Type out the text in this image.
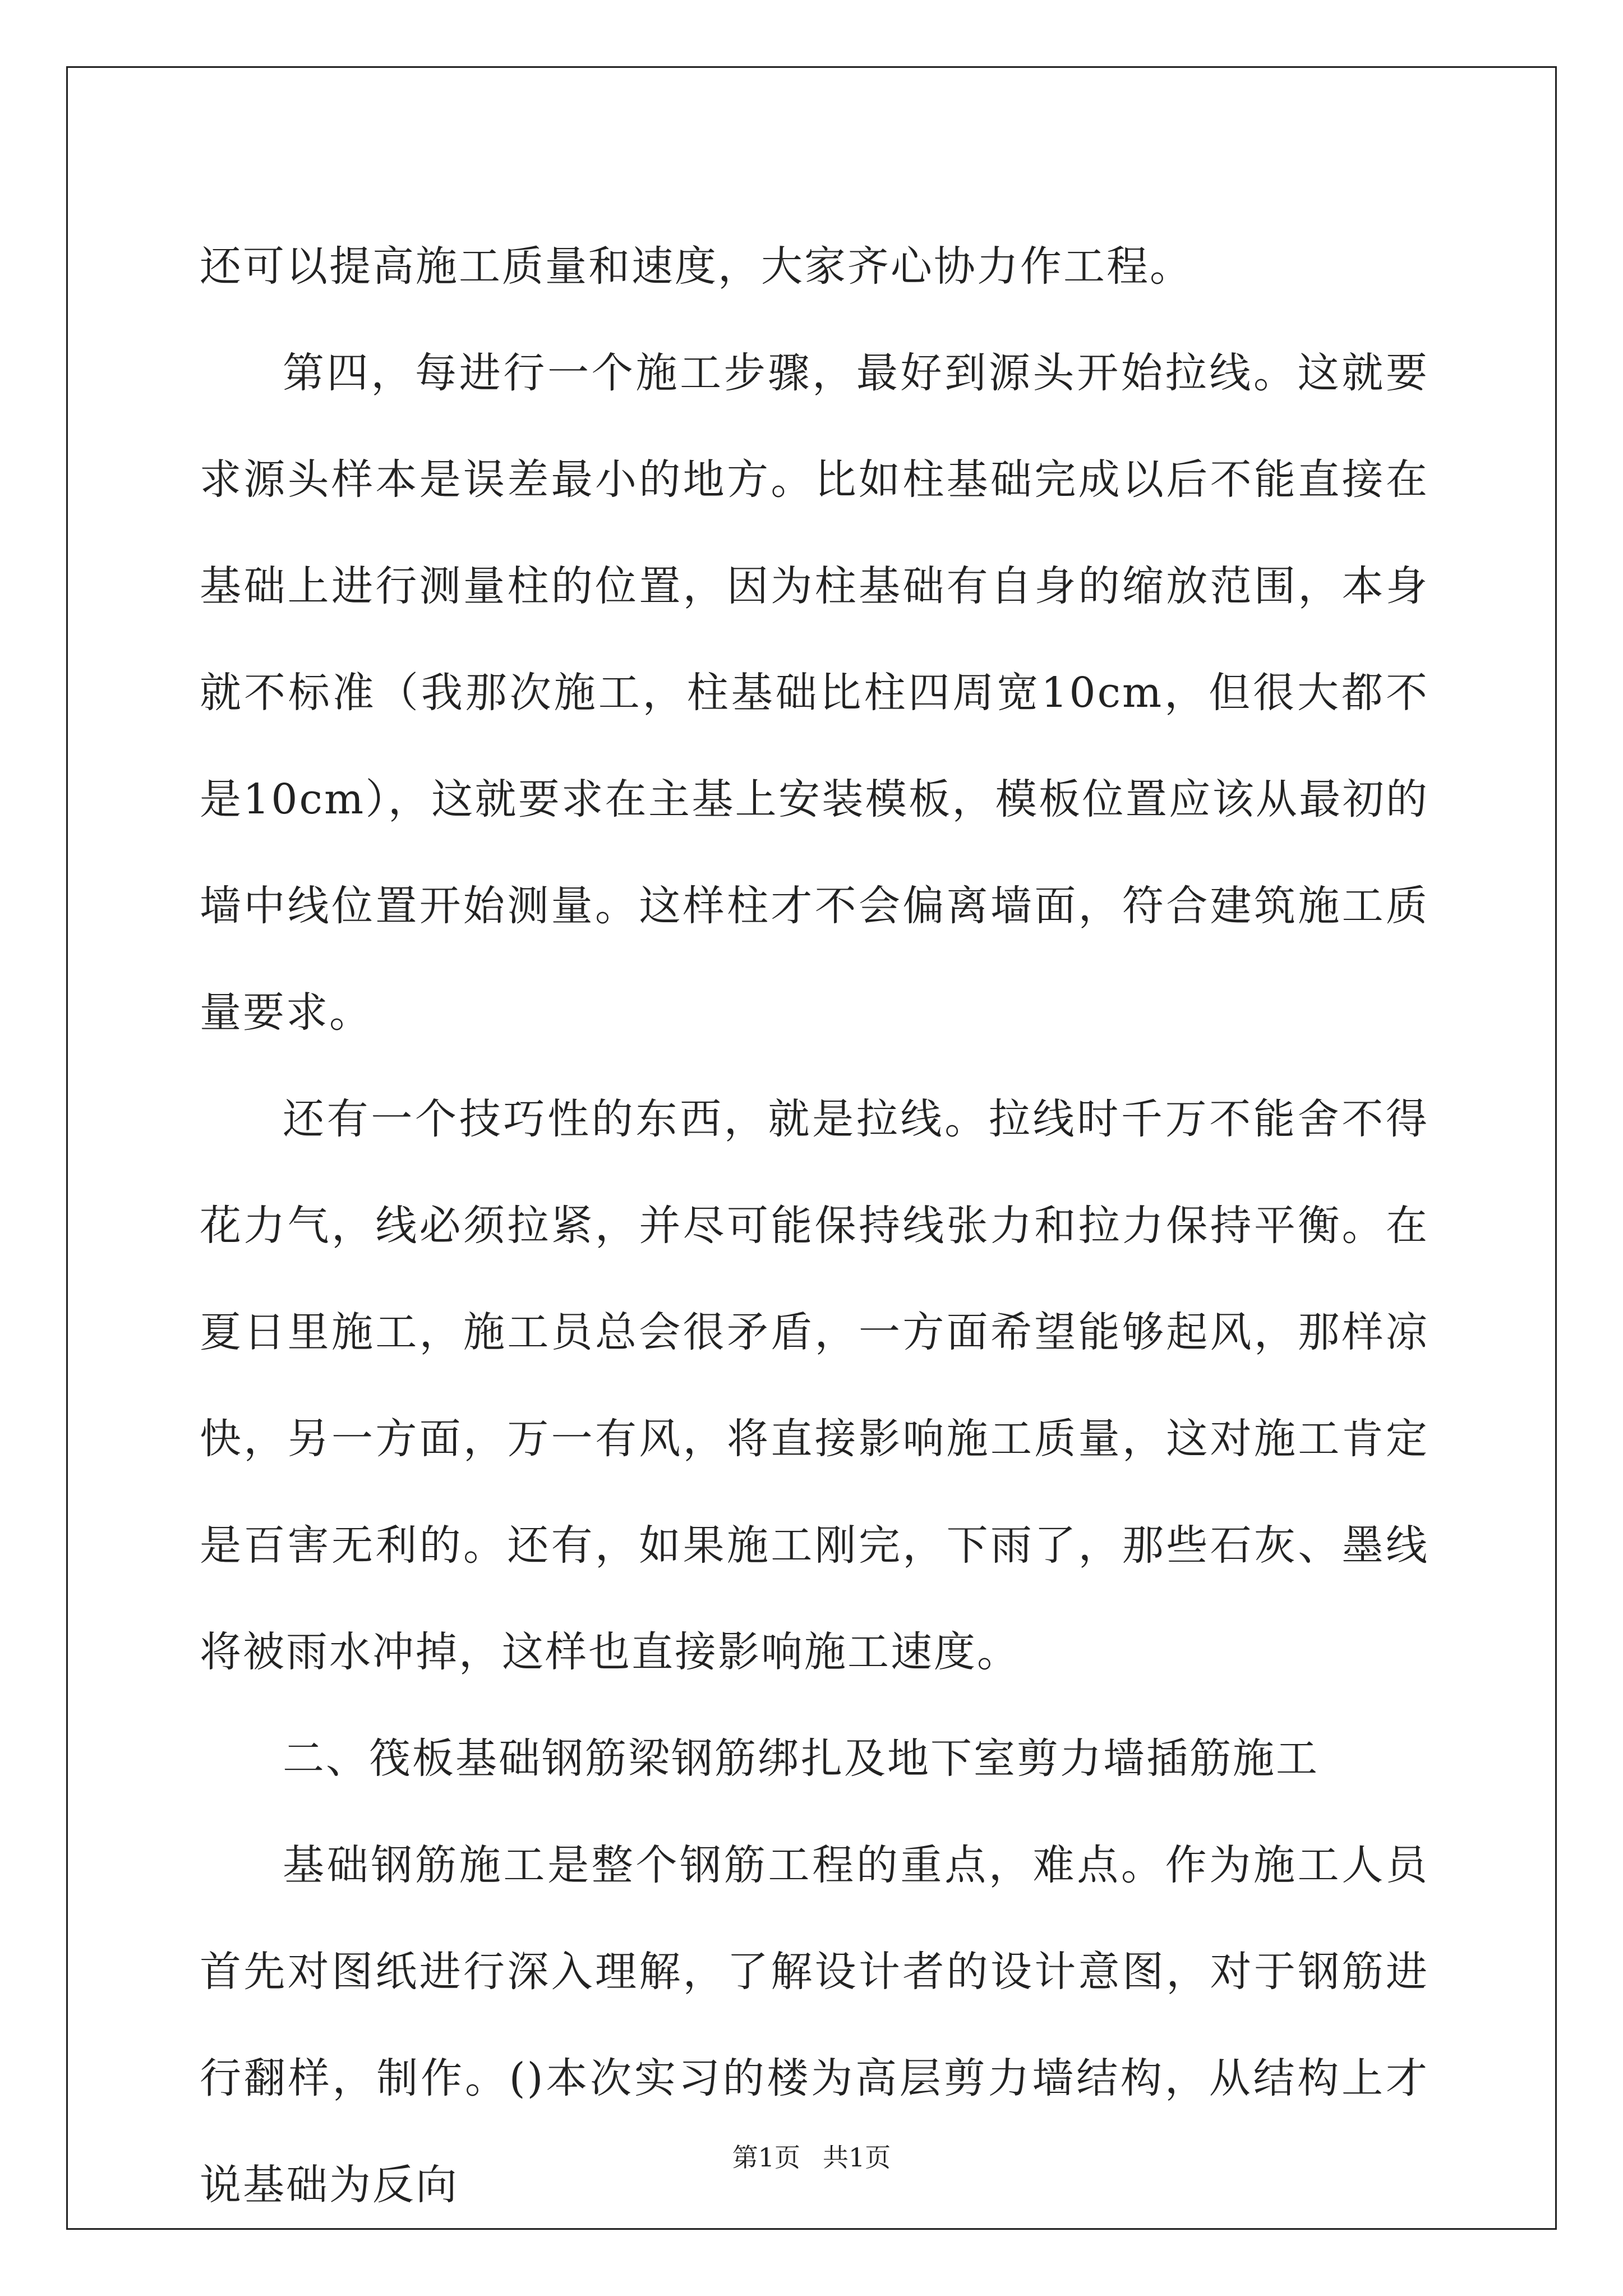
还可以提高施工质量和速度，大家齐心协力作工程。

第四，每进行一个施工步骤，最好到源头开始拉线。这就要求源头样本是误差最小的地方。比如柱基础完成以后不能直接在基础上进行测量柱的位置，因为柱基础有自身的缩放范围，本身就不标准（我那次施工，柱基础比柱四周宽10cm，但很大都不是10cm），这就要求在主基上安装模板，模板位置应该从最初的墙中线位置开始测量。这样柱才不会偏离墙面，符合建筑施工质量要求。

还有一个技巧性的东西，就是拉线。拉线时千万不能舍不得花力气，线必须拉紧，并尽可能保持线张力和拉力保持平衡。在夏日里施工，施工员总会很矛盾，一方面希望能够起风，那样凉快，另一方面，万一有风，将直接影响施工质量，这对施工肯定是百害无利的。还有，如果施工刚完，下雨了，那些石灰、墨线将被雨水冲掉，这样也直接影响施工速度。

二、筏板基础钢筋梁钢筋绑扎及地下室剪力墙插筋施工

基础钢筋施工是整个钢筋工程的重点，难点。作为施工人员首先对图纸进行深入理解，了解设计者的设计意图，对于钢筋进行翻样，制作。()本次实习的楼为高层剪力墙结构，从结构上才说基础为反向

第1页 共1页
